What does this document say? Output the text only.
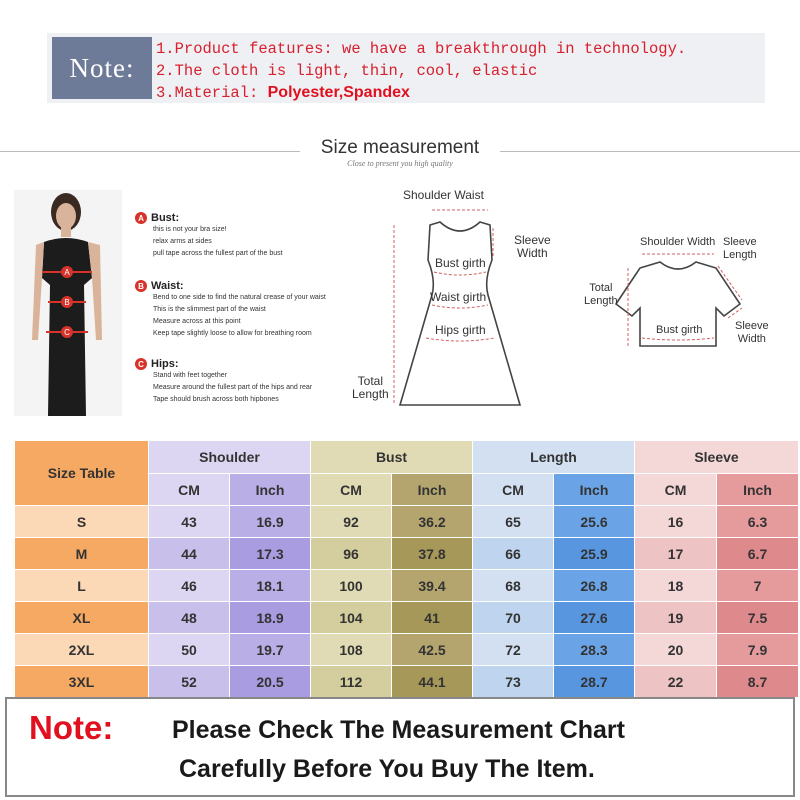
Note:
1.Product features: we have a breakthrough in technology.
2.The cloth is light, thin, cool, elastic
3.Material: Polyester,Spandex
Size measurement
Close to present you high quality
A
B
C
A Bust:
this is not your bra size!
relax arms at sides
pull tape across the fullest part of the bust
B Waist:
Bend to one side to find the natural crease of your waist
This is the slimmest part of the waist
Measure across at this point
Keep tape slightly loose to allow for breathing room
C Hips:
Stand with feet together
Measure around the fullest part of the hips and rear
Tape should brush across both hipbones
Shoulder Waist
Sleeve
Width
Bust girth
Waist girth
Hips girth
Total
Length
Shoulder Width Sleeve
Length
Total
Length
Bust girth	Sleeve
Width
Size Table	Shoulder		Bust		Length		Sleeve	
	CM	Inch	CM	Inch	CM	Inch	CM	Inch
S	43	16.9	92	36.2	65	25.6	16	6.3
M	44	17.3	96	37.8	66	25.9	17	6.7
L	46	18.1	100	39.4	68	26.8	18	7
XL	48	18.9	104	41	70	27.6	19	7.5
2XL	50	19.7	108	42.5	72	28.3	20	7.9
3XL	52	20.5	112	44.1	73	28.7	22	8.7
Note: Please Check The Measurement Chart
Carefully Before You Buy The Item.
